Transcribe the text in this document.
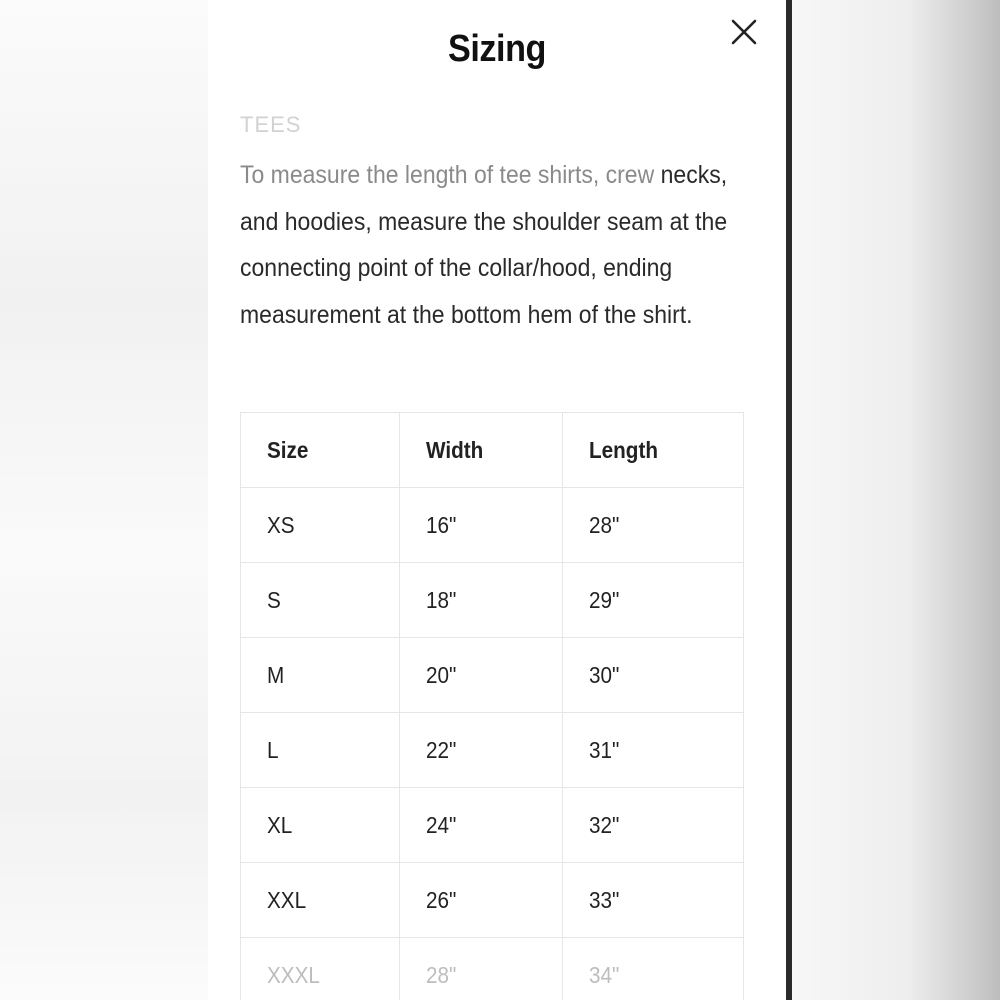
Sizing
TEES

To measure the length of tee shirts, crew necks, and hoodies, measure the shoulder seam at the connecting point of the collar/hood, ending measurement at the bottom hem of the shirt.

Size	Width	Length
XS	16"	28"
S	18"	29"
M	20"	30"
L	22"	31"
XL	24"	32"
XXL	26"	33"
XXXL	28"	34"
